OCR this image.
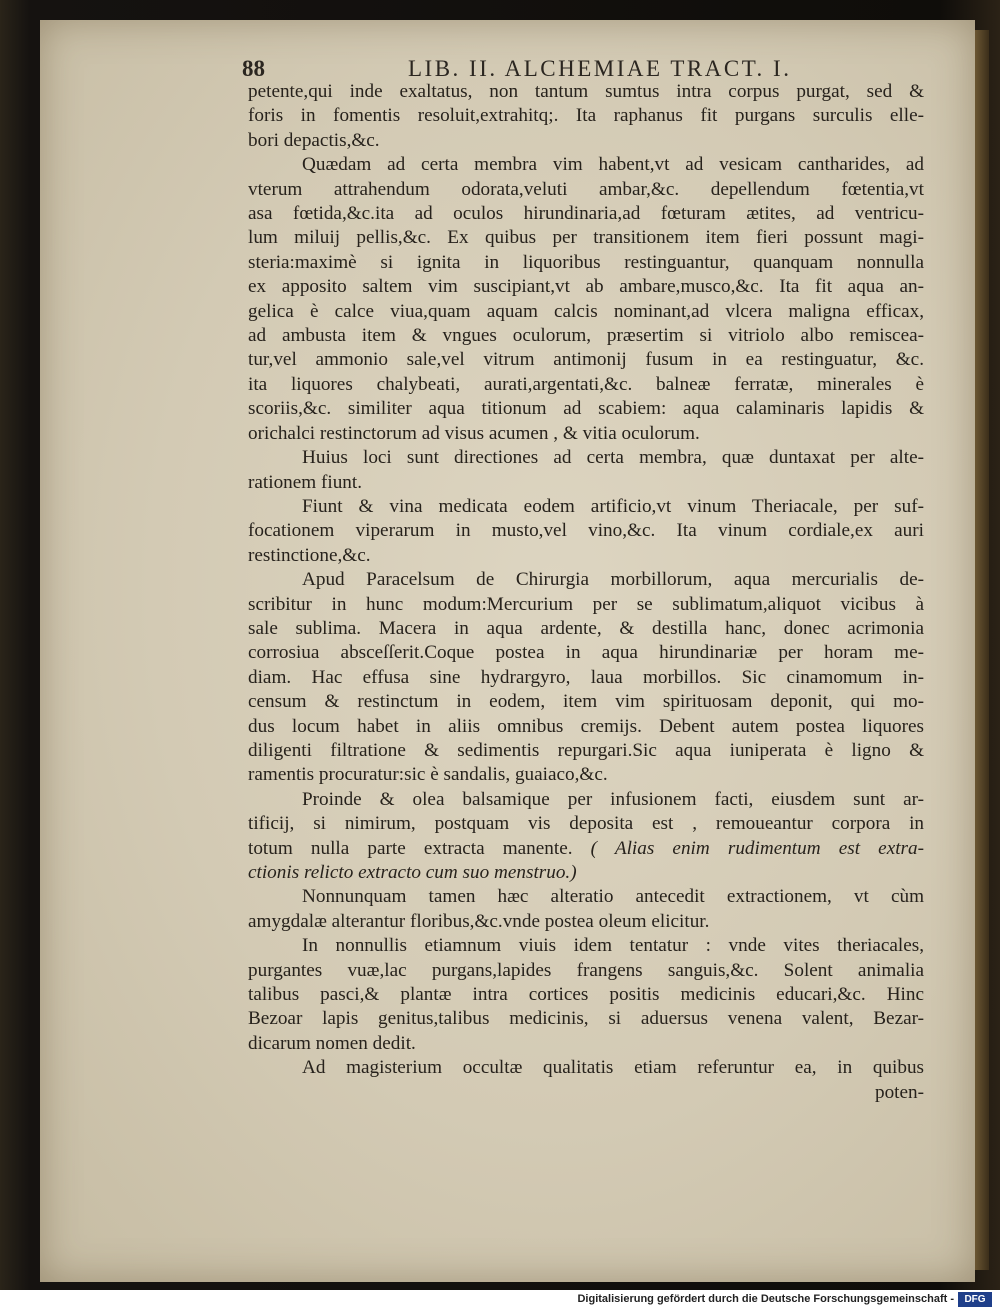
88	LIB. II. ALCHEMIAE TRACT. I.
petente,qui inde exaltatus, non tantum sumtus intra corpus purgat, sed &
foris in fomentis resoluit,extrahitq;. Ita raphanus fit purgans surculis elle-
bori depactis,&c.
Quædam ad certa membra vim habent,vt ad vesicam cantharides, ad
vterum attrahendum odorata,veluti ambar,&c. depellendum fœtentia,vt
asa fœtida,&c.ita ad oculos hirundinaria,ad fœturam ætites, ad ventricu-
lum miluij pellis,&c. Ex quibus per transitionem item fieri possunt magi-
steria:maximè si ignita in liquoribus restinguantur, quanquam nonnulla
ex apposito saltem vim suscipiant,vt ab ambare,musco,&c. Ita fit aqua an-
gelica è calce viua,quam aquam calcis nominant,ad vlcera maligna efficax,
ad ambusta item & vngues oculorum, præsertim si vitriolo albo remiscea-
tur,vel ammonio sale,vel vitrum antimonij fusum in ea restinguatur, &c.
ita liquores chalybeati, aurati,argentati,&c. balneæ ferratæ, minerales è
scoriis,&c. similiter aqua titionum ad scabiem: aqua calaminaris lapidis &
orichalci restinctorum ad visus acumen , & vitia oculorum.
Huius loci sunt directiones ad certa membra, quæ duntaxat per alte-
rationem fiunt.
Fiunt & vina medicata eodem artificio,vt vinum Theriacale, per suf-
focationem viperarum in musto,vel vino,&c. Ita vinum cordiale,ex auri
restinctione,&c.
Apud Paracelsum de Chirurgia morbillorum, aqua mercurialis de-
scribitur in hunc modum:Mercurium per se sublimatum,aliquot vicibus à
sale sublima. Macera in aqua ardente, & destilla hanc, donec acrimonia
corrosiua absceſſerit.Coque postea in aqua hirundinariæ per horam me-
diam. Hac effusa sine hydrargyro, laua morbillos. Sic cinamomum in-
censum & restinctum in eodem, item vim spirituosam deponit, qui mo-
dus locum habet in aliis omnibus cremijs. Debent autem postea liquores
diligenti filtratione & sedimentis repurgari.Sic aqua iuniperata è ligno &
ramentis procuratur:sic è sandalis, guaiaco,&c.
Proinde & olea balsamique per infusionem facti, eiusdem sunt ar-
tificij, si nimirum, postquam vis deposita est , remoueantur corpora in
totum nulla parte extracta manente. ( Alias enim rudimentum est extra-
ctionis relicto extracto cum suo menstruo.)
Nonnunquam tamen hæc alteratio antecedit extractionem, vt cùm
amygdalæ alterantur floribus,&c.vnde postea oleum elicitur.
In nonnullis etiamnum viuis idem tentatur : vnde vites theriacales,
purgantes vuæ,lac purgans,lapides frangens sanguis,&c. Solent animalia
talibus pasci,& plantæ intra cortices positis medicinis educari,&c. Hinc
Bezoar lapis genitus,talibus medicinis, si aduersus venena valent, Bezar-
dicarum nomen dedit.
Ad magisterium occultæ qualitatis etiam referuntur ea, in quibus
poten-
Digitalisierung gefördert durch die Deutsche Forschungsgemeinschaft -	DFG
